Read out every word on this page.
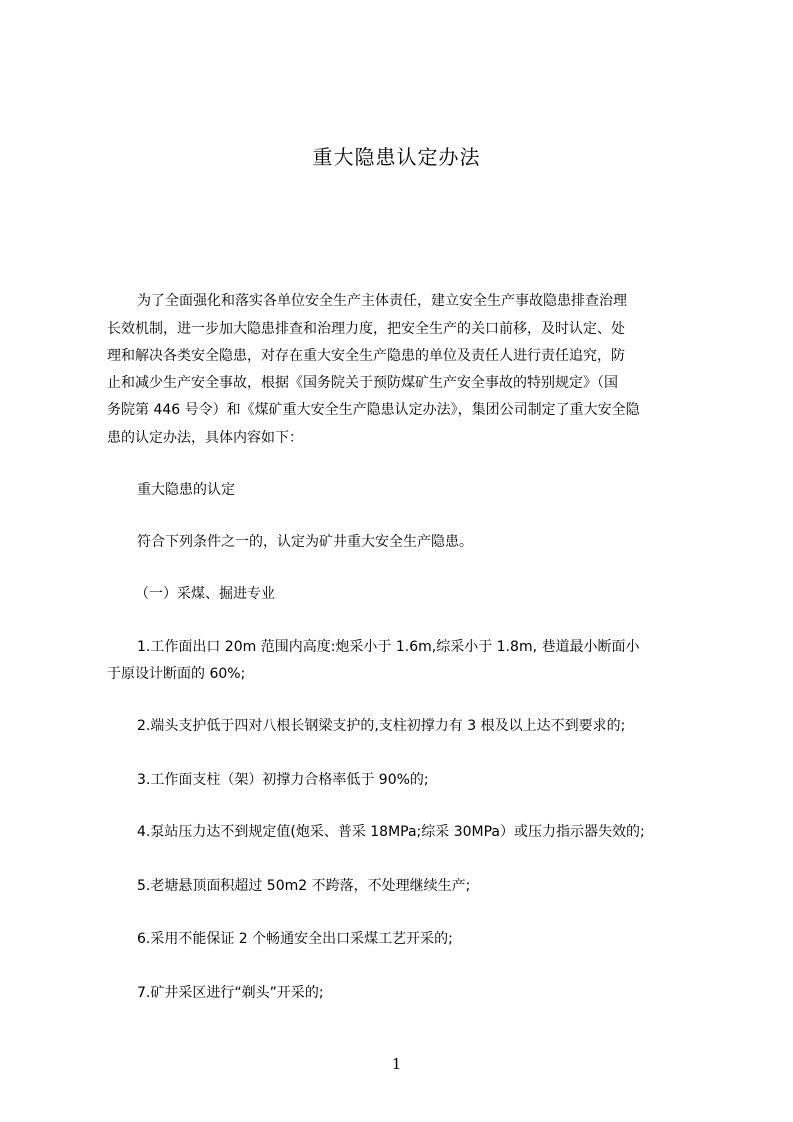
重大隐患认定办法
为了全面强化和落实各单位安全生产主体责任，建立安全生产事故隐患排查治理
长效机制，进一步加大隐患排查和治理力度，把安全生产的关口前移，及时认定、处
理和解决各类安全隐患，对存在重大安全生产隐患的单位及责任人进行责任追究，防
止和减少生产安全事故，根据《国务院关于预防煤矿生产安全事故的特别规定》（国
务院第 446 号令）和《煤矿重大安全生产隐患认定办法》，集团公司制定了重大安全隐
患的认定办法，具体内容如下：
重大隐患的认定
符合下列条件之一的，认定为矿井重大安全生产隐患。
（一）采煤、掘进专业
1.工作面出口 20m 范围内高度:炮采小于 1.6m,综采小于 1.8m, 巷道最小断面小
于原设计断面的 60%;
2.端头支护低于四对八根长钢梁支护的,支柱初撑力有 3 根及以上达不到要求的;
3.工作面支柱（架）初撑力合格率低于 90%的;
4.泵站压力达不到规定值(炮采、普采 18MPa;综采 30MPa）或压力指示器失效的;
5.老塘悬顶面积超过 50m2 不跨落，不处理继续生产;
6.采用不能保证 2 个畅通安全出口采煤工艺开采的;
7.矿井采区进行“剃头”开采的;
1
